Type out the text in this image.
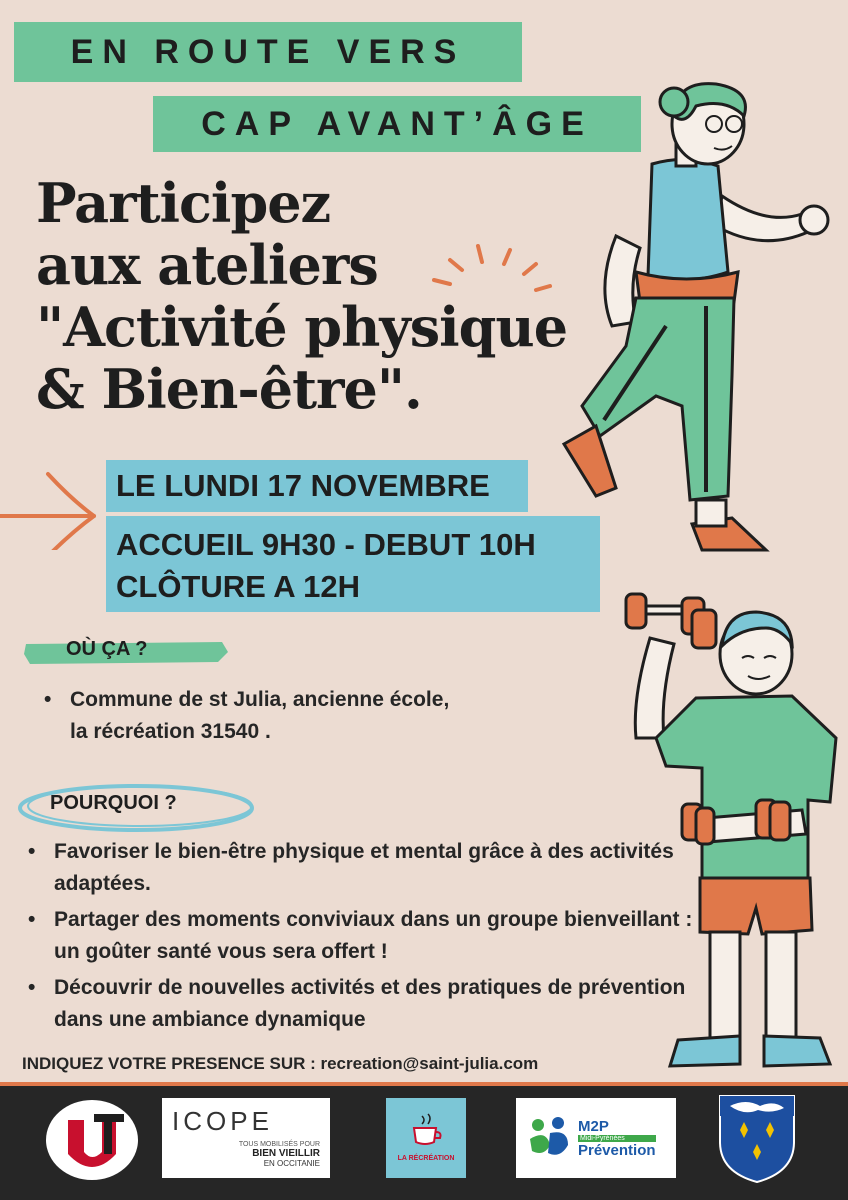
EN ROUTE VERS
CAP AVANT’ÂGE
Participez
aux ateliers
"Activité physique
& Bien-être".
LE LUNDI 17 NOVEMBRE
ACCUEIL 9H30 - DEBUT 10H
CLÔTURE A 12H
OÙ ÇA ?
• Commune de st Julia, ancienne école,
la récréation 31540 .
POURQUOI ?
• Favoriser le bien-être physique et mental grâce à des activités adaptées.
• Partager des moments conviviaux dans un groupe bienveillant : un goûter santé vous sera offert !
• Découvrir de nouvelles activités et des pratiques de prévention dans une ambiance dynamique
INDIQUEZ VOTRE PRESENCE SUR : recreation@saint-julia.com
ICOPE
TOUS MOBILISÉS POUR
BIEN VIEILLIR
EN OCCITANIE
LA RÉCRÉATION
M2P
Midi-Pyrénées
Prévention
